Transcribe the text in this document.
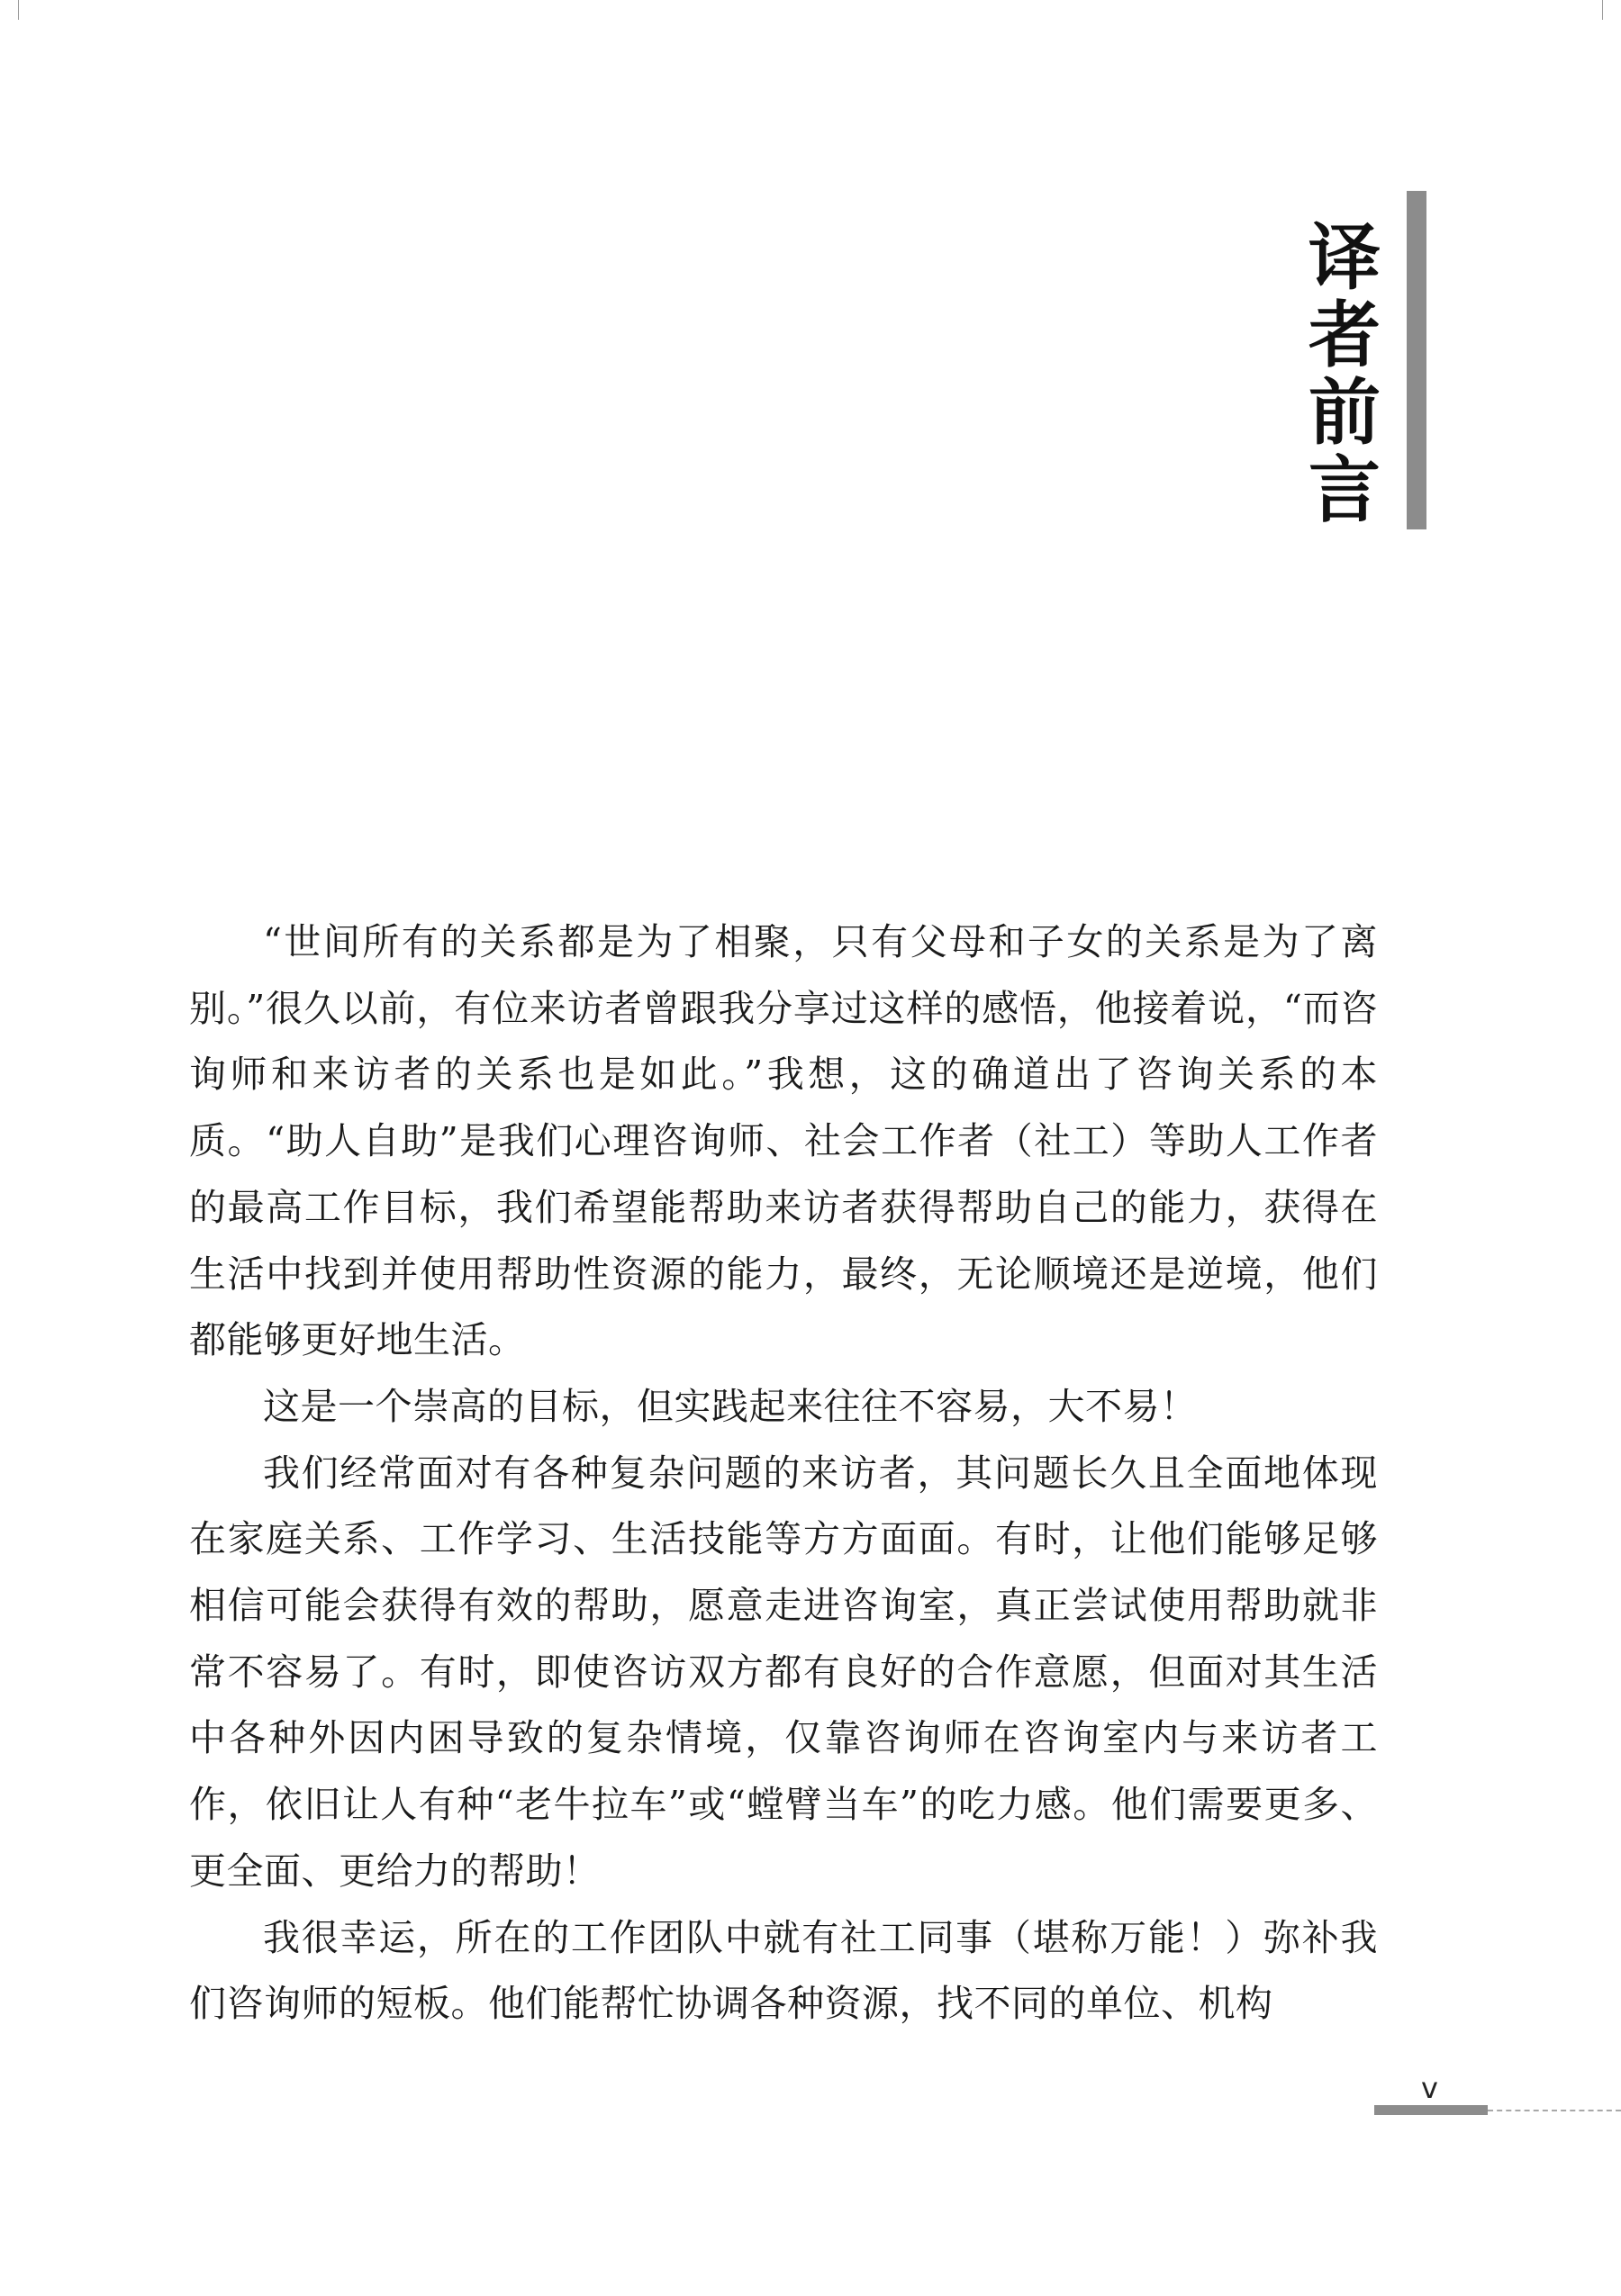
译
者
前
言

“世间所有的关系都是为了相聚，只有父母和子女的关系是为了离别。”很久以前，有位来访者曾跟我分享过这样的感悟，他接着说，“而咨询师和来访者的关系也是如此。”我想，这的确道出了咨询关系的本质。“助人自助”是我们心理咨询师、社会工作者（社工）等助人工作者的最高工作目标，我们希望能帮助来访者获得帮助自己的能力，获得在生活中找到并使用帮助性资源的能力，最终，无论顺境还是逆境，他们都能够更好地生活。

这是一个崇高的目标，但实践起来往往不容易，大不易！

我们经常面对有各种复杂问题的来访者，其问题长久且全面地体现在家庭关系、工作学习、生活技能等方方面面。有时，让他们能够足够相信可能会获得有效的帮助，愿意走进咨询室，真正尝试使用帮助就非常不容易了。有时，即使咨访双方都有良好的合作意愿，但面对其生活中各种外因内困导致的复杂情境，仅靠咨询师在咨询室内与来访者工作，依旧让人有种“老牛拉车”或“螳臂当车”的吃力感。他们需要更多、更全面、更给力的帮助！

我很幸运，所在的工作团队中就有社工同事（堪称万能！）弥补我们咨询师的短板。他们能帮忙协调各种资源，找不同的单位、机构

v
